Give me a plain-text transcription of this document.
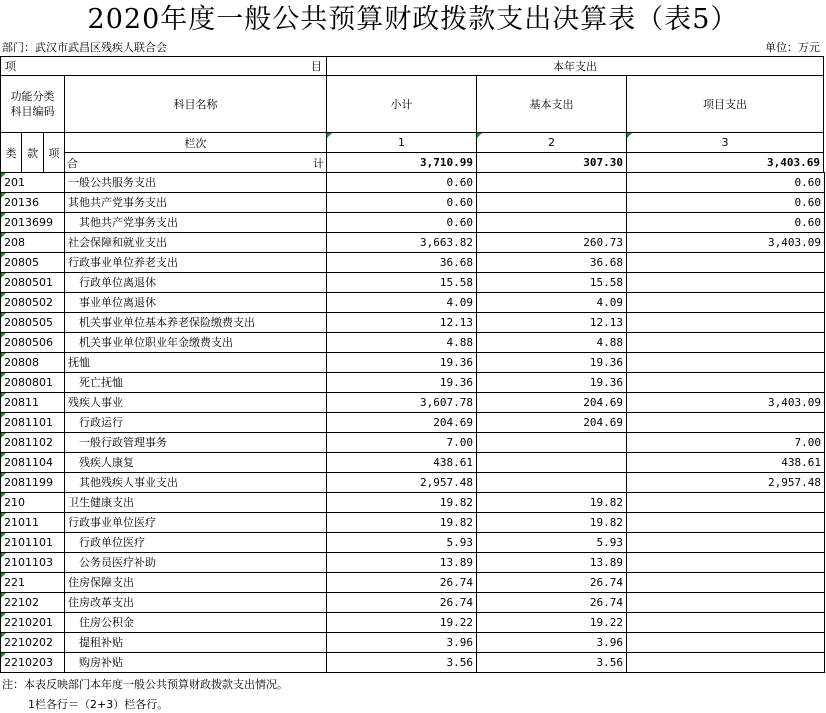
2020年度一般公共预算财政拨款支出决算表（表5）
部门：武汉市武昌区残疾人联合会	单位：万元
项	目	本年支出
功能分类
科目编码
科目名称	小计	基本支出	项目支出
类 款 项
栏次	1	2	3
合	计	3,710.99	307.30	3,403.69
201	一般公共服务支出	0.60		0.60

20136	其他共产党事务支出	0.60		0.60

2013699	其他共产党事务支出	0.60		0.60

208	社会保障和就业支出	3,663.82	260.73	3,403.09

20805	行政事业单位养老支出	36.68	36.68	

2080501	行政单位离退休	15.58	15.58	

2080502	事业单位离退休	4.09	4.09	

2080505	机关事业单位基本养老保险缴费支出	12.13	12.13	

2080506	机关事业单位职业年金缴费支出	4.88	4.88	

20808	抚恤	19.36	19.36	

2080801	死亡抚恤	19.36	19.36	

20811	残疾人事业	3,607.78	204.69	3,403.09

2081101	行政运行	204.69	204.69	

2081102	一般行政管理事务	7.00		7.00

2081104	残疾人康复	438.61		438.61

2081199	其他残疾人事业支出	2,957.48		2,957.48

210	卫生健康支出	19.82	19.82	

21011	行政事业单位医疗	19.82	19.82	

2101101	行政单位医疗	5.93	5.93	

2101103	公务员医疗补助	13.89	13.89	

221	住房保障支出	26.74	26.74	

22102	住房改革支出	26.74	26.74	

2210201	住房公积金	19.22	19.22	

2210202	提租补贴	3.96	3.96	

2210203	购房补贴	3.56	3.56	
注：本表反映部门本年度一般公共预算财政拨款支出情况。
1栏各行＝（2+3）栏各行。
